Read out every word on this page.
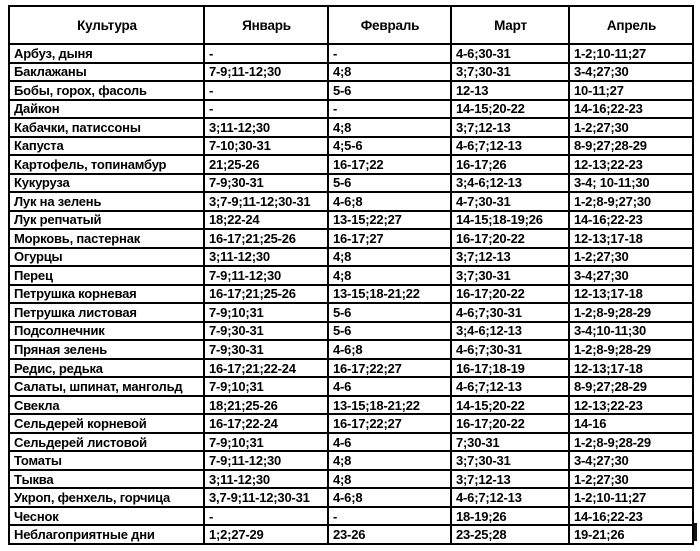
Культура	Январь	Февраль	Март	Апрель
Арбуз, дыня	-	-	4-6;30-31	1-2;10-11;27
Баклажаны	7-9;11-12;30	4;8	3;7;30-31	3-4;27;30
Бобы, горох, фасоль	-	5-6	12-13	10-11;27
Дайкон	-	-	14-15;20-22	14-16;22-23
Кабачки, патиссоны	3;11-12;30	4;8	3;7;12-13	1-2;27;30
Капуста	7-10;30-31	4;5-6	4-6;7;12-13	8-9;27;28-29
Картофель, топинамбур	21;25-26	16-17;22	16-17;26	12-13;22-23
Кукуруза	7-9;30-31	5-6	3;4-6;12-13	3-4; 10-11;30
Лук на зелень	3;7-9;11-12;30-31	4-6;8	4-7;30-31	1-2;8-9;27;30
Лук репчатый	18;22-24	13-15;22;27	14-15;18-19;26	14-16;22-23
Морковь, пастернак	16-17;21;25-26	16-17;27	16-17;20-22	12-13;17-18
Огурцы	3;11-12;30	4;8	3;7;12-13	1-2;27;30
Перец	7-9;11-12;30	4;8	3;7;30-31	3-4;27;30
Петрушка корневая	16-17;21;25-26	13-15;18-21;22	16-17;20-22	12-13;17-18
Петрушка листовая	7-9;10;31	5-6	4-6;7;30-31	1-2;8-9;28-29
Подсолнечник	7-9;30-31	5-6	3;4-6;12-13	3-4;10-11;30
Пряная зелень	7-9;30-31	4-6;8	4-6;7;30-31	1-2;8-9;28-29
Редис, редька	16-17;21;22-24	16-17;22;27	16-17;18-19	12-13;17-18
Салаты, шпинат, мангольд	7-9;10;31	4-6	4-6;7;12-13	8-9;27;28-29
Свекла	18;21;25-26	13-15;18-21;22	14-15;20-22	12-13;22-23
Сельдерей корневой	16-17;22-24	16-17;22;27	16-17;20-22	14-16
Сельдерей листовой	7-9;10;31	4-6	7;30-31	1-2;8-9;28-29
Томаты	7-9;11-12;30	4;8	3;7;30-31	3-4;27;30
Тыква	3;11-12;30	4;8	3;7;12-13	1-2;27;30
Укроп, фенхель, горчица	3,7-9;11-12;30-31	4-6;8	4-6;7;12-13	1-2;10-11;27
Чеснок	-	-	18-19;26	14-16;22-23
Неблагоприятные дни	1;2;27-29	23-26	23-25;28	19-21;26
